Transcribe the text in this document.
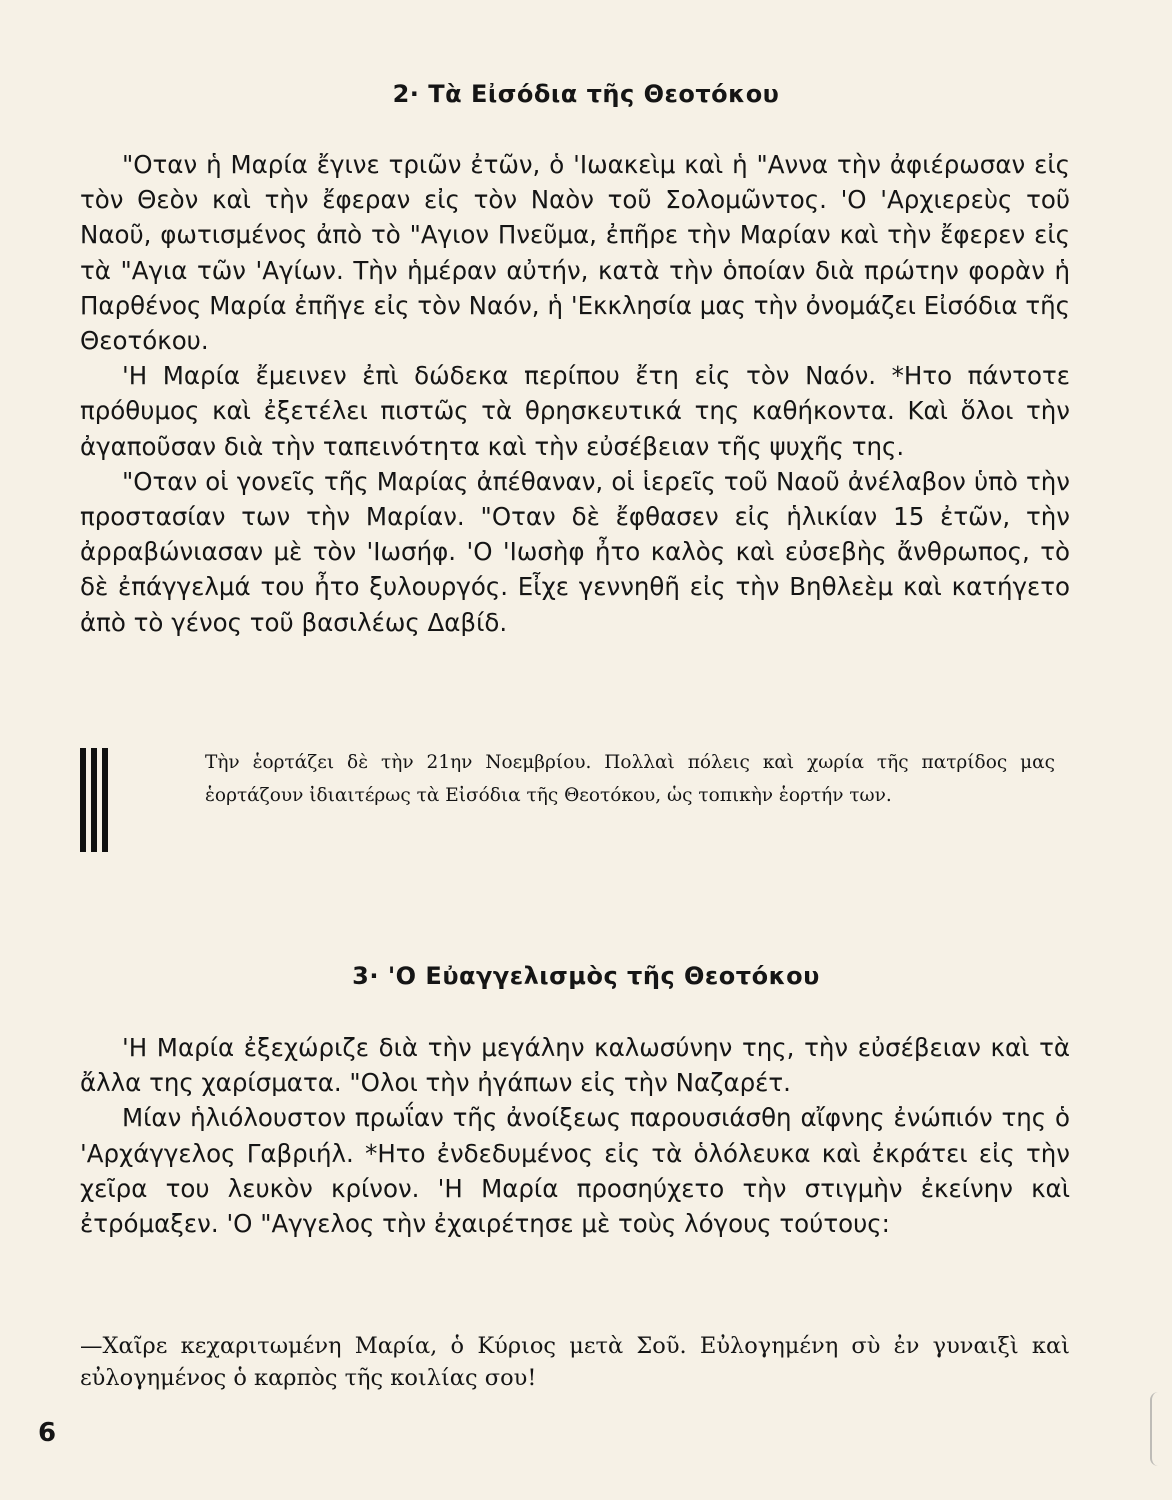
2· Τὰ Εἰσόδια τῆς Θεοτόκου

"Οταν ἡ Μαρία ἔγινε τριῶν ἐτῶν, ὁ 'Ιωακεὶμ καὶ ἡ "Αννα τὴν ἀφιέρωσαν εἰς τὸν Θεὸν καὶ τὴν ἔφεραν εἰς τὸν Ναὸν τοῦ Σολομῶντος. 'Ο 'Αρχιερεὺς τοῦ Ναοῦ, φωτισμένος ἀπὸ τὸ "Αγιον Πνεῦμα, ἐπῆρε τὴν Μαρίαν καὶ τὴν ἔφερεν εἰς τὰ "Αγια τῶν 'Αγίων. Τὴν ἡμέραν αὐτήν, κατὰ τὴν ὁποίαν διὰ πρώτην φορὰν ἡ Παρθένος Μαρία ἐπῆγε εἰς τὸν Ναόν, ἡ 'Εκκλησία μας τὴν ὀνομάζει Εἰσόδια τῆς Θεοτόκου.

'Η Μαρία ἔμεινεν ἐπὶ δώδεκα περίπου ἔτη εἰς τὸν Ναόν. *Ητο πάντοτε πρόθυμος καὶ ἐξετέλει πιστῶς τὰ θρησκευτικά της καθήκοντα. Καὶ ὅλοι τὴν ἀγαποῦσαν διὰ τὴν ταπεινότητα καὶ τὴν εὐσέβειαν τῆς ψυχῆς της.

"Οταν οἱ γονεῖς τῆς Μαρίας ἀπέθαναν, οἱ ἱερεῖς τοῦ Ναοῦ ἀνέλαβον ὑπὸ τὴν προστασίαν των τὴν Μαρίαν. "Οταν δὲ ἔφθασεν εἰς ἡλικίαν 15 ἐτῶν, τὴν ἀρραβώνιασαν μὲ τὸν 'Ιωσήφ. 'Ο 'Ιωσὴφ ἦτο καλὸς καὶ εὐσεβὴς ἄνθρωπος, τὸ δὲ ἐπάγγελμά του ἦτο ξυλουργός. Εἶχε γεννηθῆ εἰς τὴν Βηθλεὲμ καὶ κατήγετο ἀπὸ τὸ γένος τοῦ βασιλέως Δαβίδ.

Τὴν ἑορτάζει δὲ τὴν 21ην Νοεμβρίου. Πολλαὶ πόλεις καὶ χωρία τῆς πατρίδος μας ἑορτάζουν ἰδιαιτέρως τὰ Εἰσόδια τῆς Θεοτόκου, ὡς τοπικὴν ἑορτήν των.
3· 'Ο Εὐαγγελισμὸς τῆς Θεοτόκου

'Η Μαρία ἐξεχώριζε διὰ τὴν μεγάλην καλωσύνην της, τὴν εὐσέβειαν καὶ τὰ ἄλλα της χαρίσματα. "Ολοι τὴν ἠγάπων εἰς τὴν Ναζαρέτ.

Μίαν ἡλιόλουστον πρωΐαν τῆς ἀνοίξεως παρουσιάσθη αἴφνης ἐνώπιόν της ὁ 'Αρχάγγελος Γαβριήλ. *Ητο ἐνδεδυμένος εἰς τὰ ὁλόλευκα καὶ ἐκράτει εἰς τὴν χεῖρα του λευκὸν κρίνον. 'Η Μαρία προσηύχετο τὴν στιγμὴν ἐκείνην καὶ ἐτρόμαξεν. 'Ο "Αγγελος τὴν ἐχαιρέτησε μὲ τοὺς λόγους τούτους:

—Χαῖρε κεχαριτωμένη Μαρία, ὁ Κύριος μετὰ Σοῦ. Εὐλογημένη σὺ ἐν γυναιξὶ καὶ εὐλογημένος ὁ καρπὸς τῆς κοιλίας σου!
6
